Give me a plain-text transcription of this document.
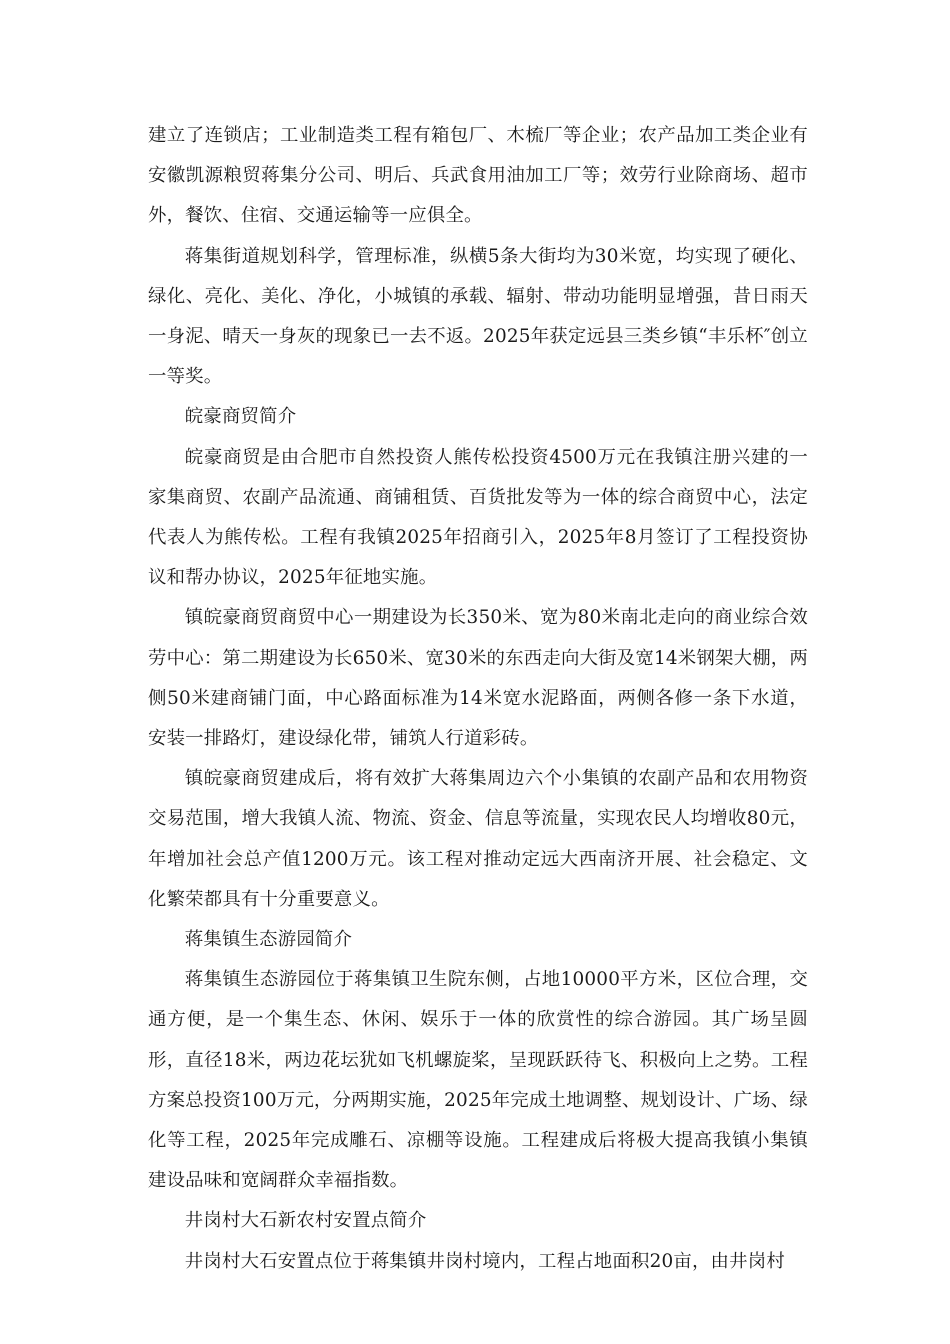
建立了连锁店；工业制造类工程有箱包厂、木梳厂等企业；农产品加工类企业有安徽凯源粮贸蒋集分公司、明后、兵武食用油加工厂等；效劳行业除商场、超市外，餐饮、住宿、交通运输等一应俱全。

蒋集街道规划科学，管理标准，纵横5条大街均为30米宽，均实现了硬化、绿化、亮化、美化、净化，小城镇的承载、辐射、带动功能明显增强，昔日雨天一身泥、晴天一身灰的现象已一去不返。2025年获定远县三类乡镇“丰乐杯″创立一等奖。

皖豪商贸简介

皖豪商贸是由合肥市自然投资人熊传松投资4500万元在我镇注册兴建的一家集商贸、农副产品流通、商铺租赁、百货批发等为一体的综合商贸中心，法定代表人为熊传松。工程有我镇2025年招商引入，2025年8月签订了工程投资协议和帮办协议，2025年征地实施。

镇皖豪商贸商贸中心一期建设为长350米、宽为80米南北走向的商业综合效劳中心：第二期建设为长650米、宽30米的东西走向大街及宽14米钢架大棚，两侧50米建商铺门面，中心路面标准为14米宽水泥路面，两侧各修一条下水道，安装一排路灯，建设绿化带，铺筑人行道彩砖。

镇皖豪商贸建成后，将有效扩大蒋集周边六个小集镇的农副产品和农用物资交易范围，增大我镇人流、物流、资金、信息等流量，实现农民人均增收80元，年增加社会总产值1200万元。该工程对推动定远大西南济开展、社会稳定、文化繁荣都具有十分重要意义。

蒋集镇生态游园简介

蒋集镇生态游园位于蒋集镇卫生院东侧，占地10000平方米，区位合理，交通方便，是一个集生态、休闲、娱乐于一体的欣赏性的综合游园。其广场呈圆形，直径18米，两边花坛犹如飞机螺旋桨，呈现跃跃待飞、积极向上之势。工程方案总投资100万元，分两期实施，2025年完成土地调整、规划设计、广场、绿化等工程，2025年完成雕石、凉棚等设施。工程建成后将极大提高我镇小集镇建设品味和宽阔群众幸福指数。

井岗村大石新农村安置点简介

井岗村大石安置点位于蒋集镇井岗村境内，工程占地面积20亩，由井岗村
